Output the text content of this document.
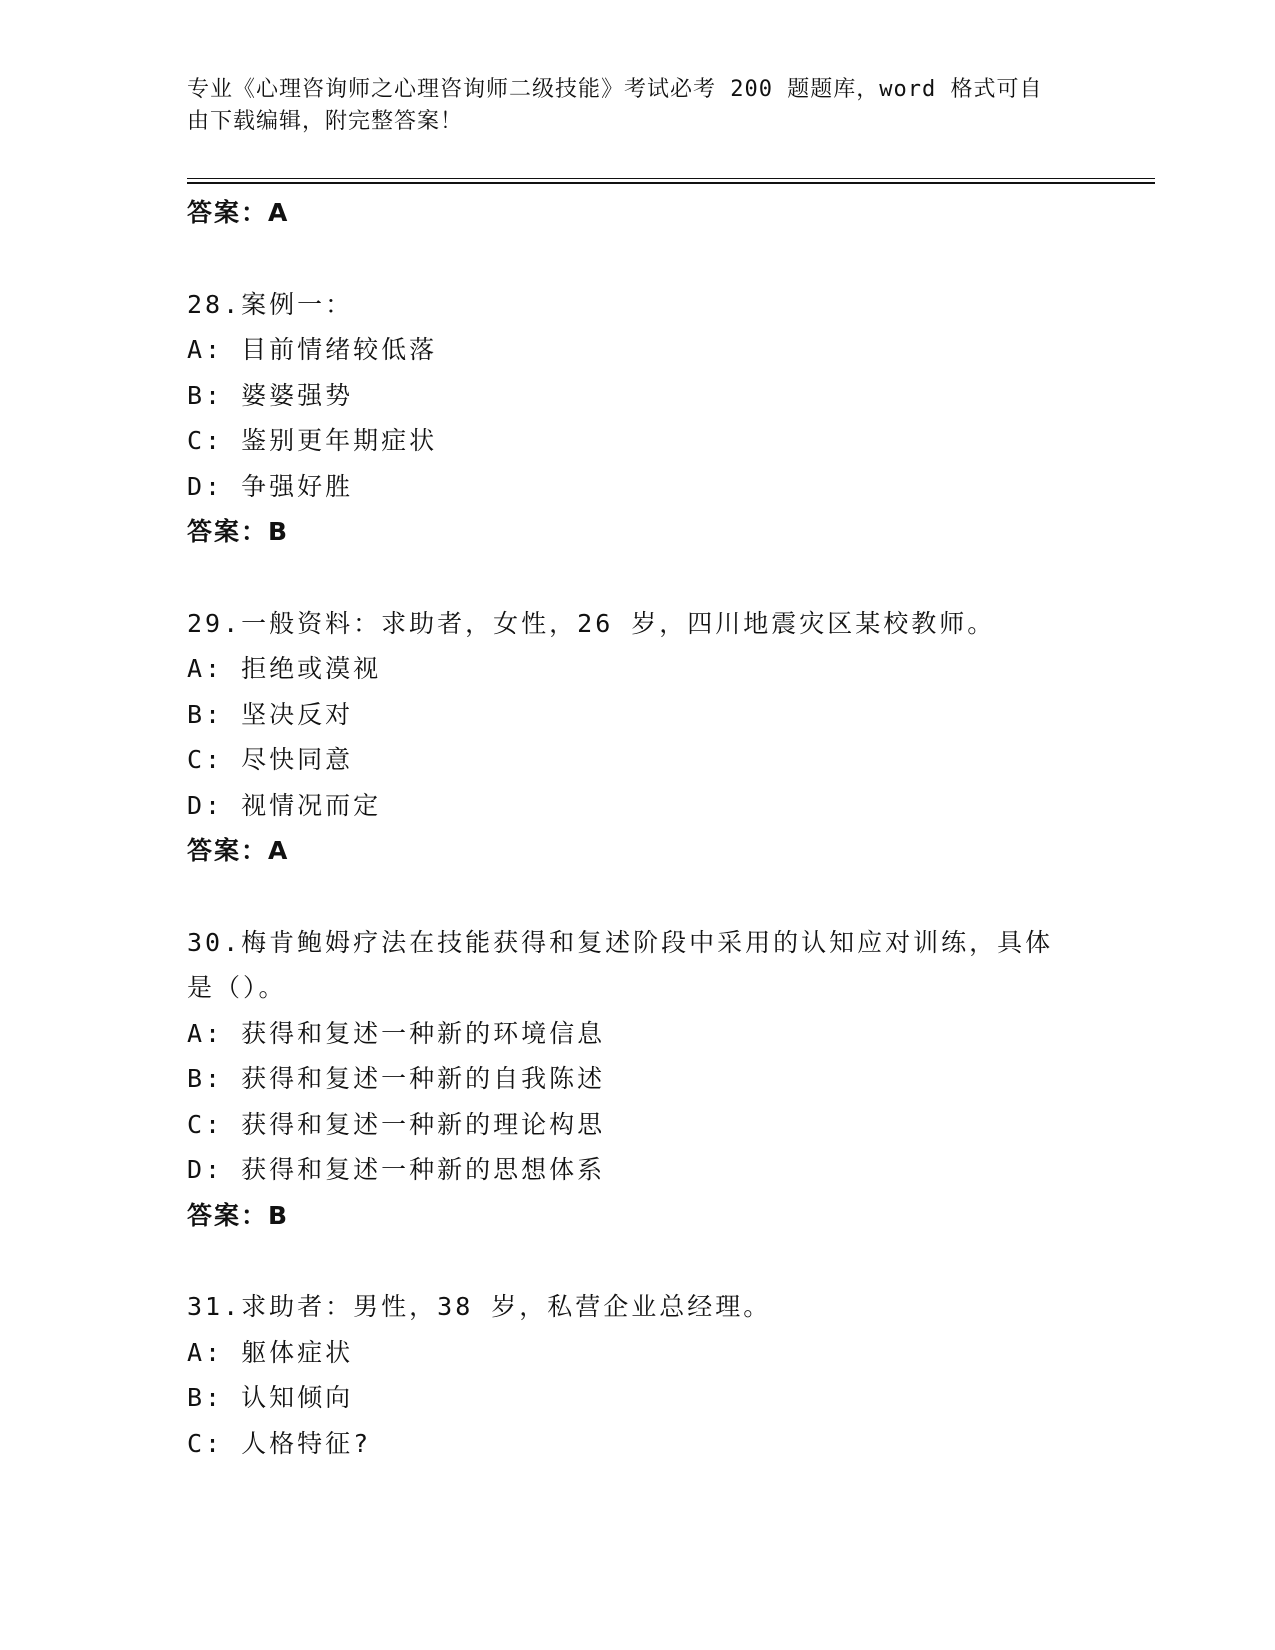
专业《心理咨询师之心理咨询师二级技能》考试必考 200 题题库，word 格式可自
由下载编辑，附完整答案！
答案：A
28.案例一：
A: 目前情绪较低落
B: 婆婆强势
C: 鉴别更年期症状
D: 争强好胜
答案：B
29.一般资料：求助者，女性，26 岁，四川地震灾区某校教师。
A: 拒绝或漠视
B: 坚决反对
C: 尽快同意
D: 视情况而定
答案：A
30.梅肯鲍姆疗法在技能获得和复述阶段中采用的认知应对训练，具体
是（）。
A: 获得和复述一种新的环境信息
B: 获得和复述一种新的自我陈述
C: 获得和复述一种新的理论构思
D: 获得和复述一种新的思想体系
答案：B
31.求助者：男性，38 岁，私营企业总经理。
A: 躯体症状
B: 认知倾向
C: 人格特征?
